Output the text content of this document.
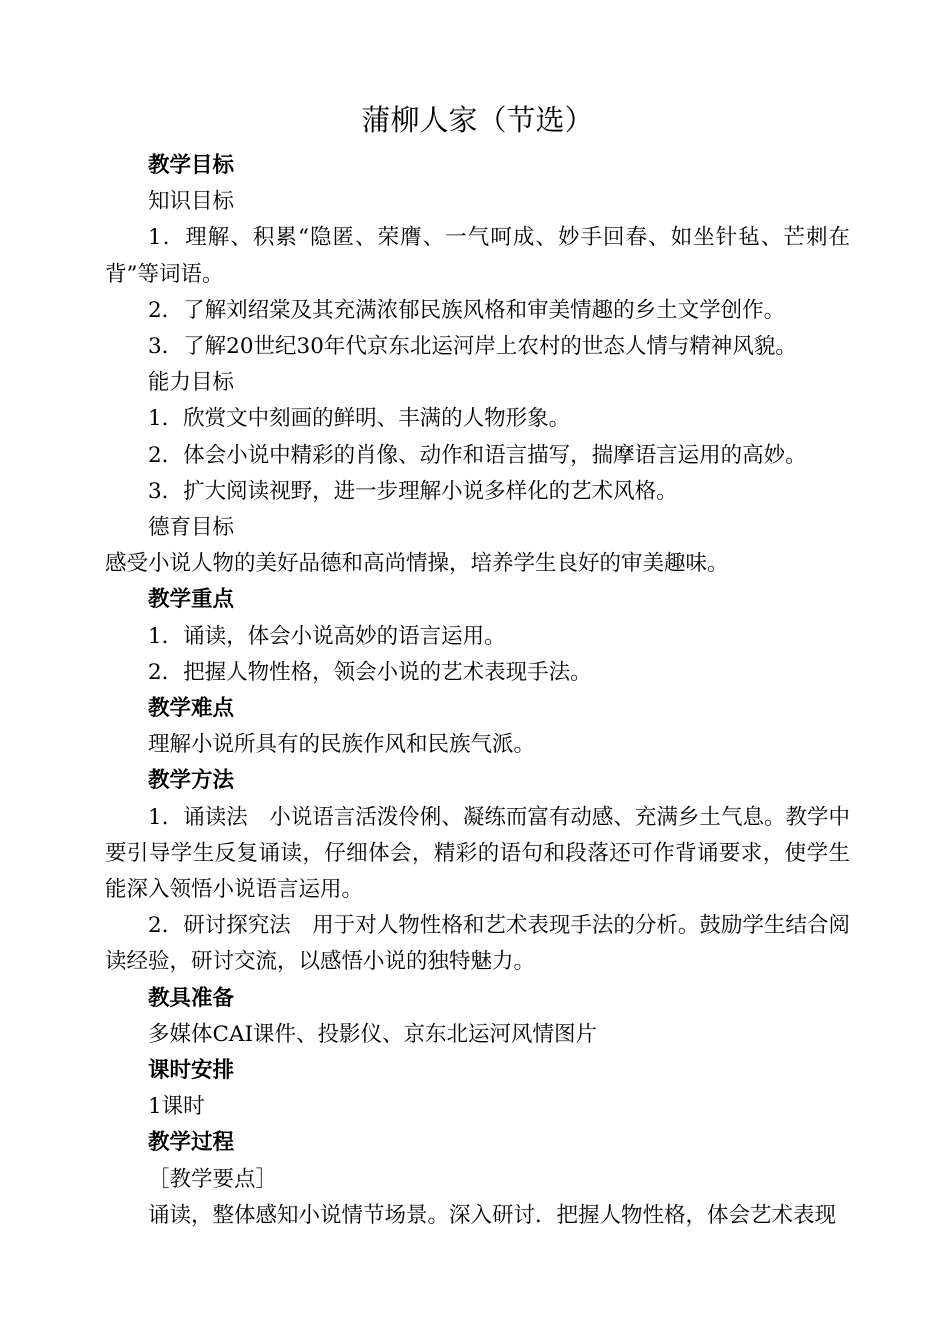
蒲柳人家（节选）
教学目标
知识目标

1．理解、积累“隐匿、荣膺、一气呵成、妙手回春、如坐针毡、芒刺在背”等词语。

2．了解刘绍棠及其充满浓郁民族风格和审美情趣的乡土文学创作。
3．了解20世纪30年代京东北运河岸上农村的世态人情与精神风貌。
能力目标
1．欣赏文中刻画的鲜明、丰满的人物形象。
2．体会小说中精彩的肖像、动作和语言描写，揣摩语言运用的高妙。
3．扩大阅读视野，进一步理解小说多样化的艺术风格。
德育目标
感受小说人物的美好品德和高尚情操，培养学生良好的审美趣味。
教学重点
1．诵读，体会小说高妙的语言运用。
2．把握人物性格，领会小说的艺术表现手法。
教学难点
理解小说所具有的民族作风和民族气派。
教学方法

1．诵读法　小说语言活泼伶俐、凝练而富有动感、充满乡土气息。教学中要引导学生反复诵读，仔细体会，精彩的语句和段落还可作背诵要求，使学生能深入领悟小说语言运用。

2．研讨探究法　用于对人物性格和艺术表现手法的分析。鼓励学生结合阅读经验，研讨交流，以感悟小说的独特魅力。

教具准备
多媒体CAI课件、投影仪、京东北运河风情图片
课时安排
1课时
教学过程
［教学要点］
诵读，整体感知小说情节场景。深入研讨．把握人物性格，体会艺术表现
